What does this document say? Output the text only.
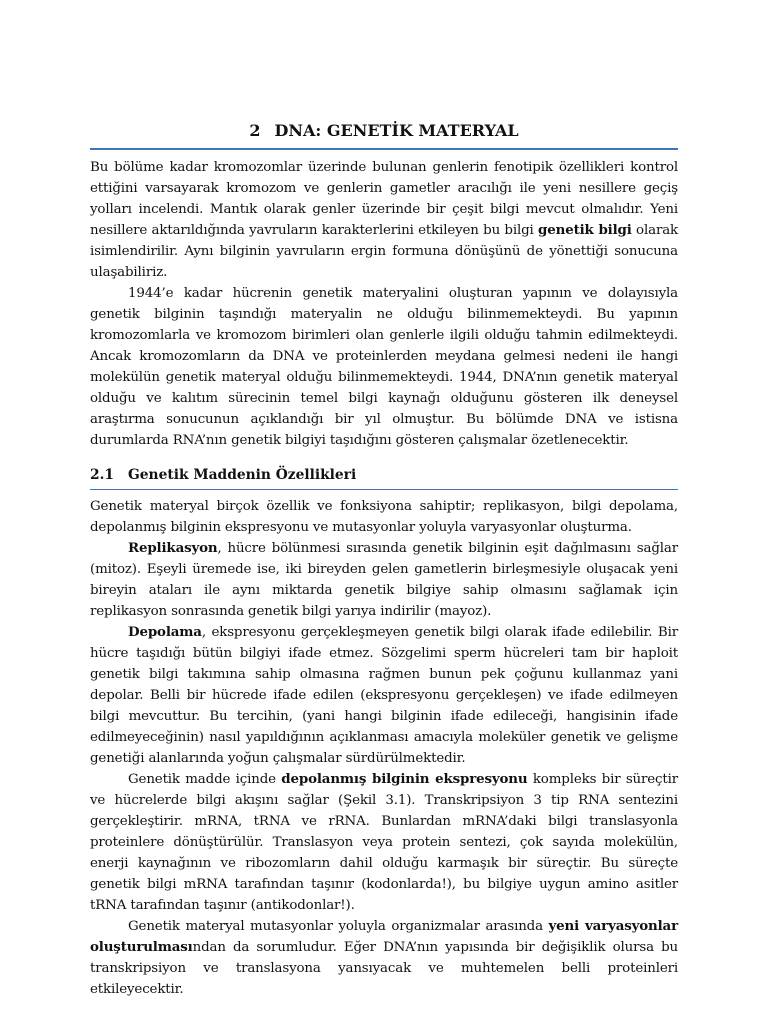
2 DNA: GENETİK MATERYAL

Bu bölüme kadar kromozomlar üzerinde bulunan genlerin fenotipik özellikleri kontrol ettiğini varsayarak kromozom ve genlerin gametler aracılığı ile yeni nesillere geçiş yolları incelendi. Mantık olarak genler üzerinde bir çeşit bilgi mevcut olmalıdır. Yeni nesillere aktarıldığında yavruların karakterlerini etkileyen bu bilgi genetik bilgi olarak isimlendirilir. Aynı bilginin yavruların ergin formuna dönüşünü de yönettiği sonucuna ulaşabiliriz.

1944’e kadar hücrenin genetik materyalini oluşturan yapının ve dolayısıyla genetik bilginin taşındığı materyalin ne olduğu bilinmemekteydi. Bu yapının kromozomlarla ve kromozom birimleri olan genlerle ilgili olduğu tahmin edilmekteydi. Ancak kromozomların da DNA ve proteinlerden meydana gelmesi nedeni ile hangi molekülün genetik materyal olduğu bilinmemekteydi. 1944, DNA’nın genetik materyal olduğu ve kalıtım sürecinin temel bilgi kaynağı olduğunu gösteren ilk deneysel araştırma sonucunun açıklandığı bir yıl olmuştur. Bu bölümde DNA ve istisna durumlarda RNA’nın genetik bilgiyi taşıdığını gösteren çalışmalar özetlenecektir.

2.1 Genetik Maddenin Özellikleri

Genetik materyal birçok özellik ve fonksiyona sahiptir; replikasyon, bilgi depolama, depolanmış bilginin ekspresyonu ve mutasyonlar yoluyla varyasyonlar oluşturma.

Replikasyon, hücre bölünmesi sırasında genetik bilginin eşit dağılmasını sağlar (mitoz). Eşeyli üremede ise, iki bireyden gelen gametlerin birleşmesiyle oluşacak yeni bireyin ataları ile aynı miktarda genetik bilgiye sahip olmasını sağlamak için replikasyon sonrasında genetik bilgi yarıya indirilir (mayoz).

Depolama, ekspresyonu gerçekleşmeyen genetik bilgi olarak ifade edilebilir. Bir hücre taşıdığı bütün bilgiyi ifade etmez. Sözgelimi sperm hücreleri tam bir haploit genetik bilgi takımına sahip olmasına rağmen bunun pek çoğunu kullanmaz yani depolar. Belli bir hücrede ifade edilen (ekspresyonu gerçekleşen) ve ifade edilmeyen bilgi mevcuttur. Bu tercihin, (yani hangi bilginin ifade edileceği, hangisinin ifade edilmeyeceğinin) nasıl yapıldığının açıklanması amacıyla moleküler genetik ve gelişme genetiği alanlarında yoğun çalışmalar sürdürülmektedir.

Genetik madde içinde depolanmış bilginin ekspresyonu kompleks bir süreçtir ve hücrelerde bilgi akışını sağlar (Şekil 3.1). Transkripsiyon 3 tip RNA sentezini gerçekleştirir. mRNA, tRNA ve rRNA. Bunlardan mRNA’daki bilgi translasyonla proteinlere dönüştürülür. Translasyon veya protein sentezi, çok sayıda molekülün, enerji kaynağının ve ribozomların dahil olduğu karmaşık bir süreçtir. Bu süreçte genetik bilgi mRNA tarafından taşınır (kodonlarda!), bu bilgiye uygun amino asitler tRNA tarafından taşınır (antikodonlar!).

Genetik materyal mutasyonlar yoluyla organizmalar arasında yeni varyasyonlar oluşturulmasından da sorumludur. Eğer DNA’nın yapısında bir değişiklik olursa bu transkripsiyon ve translasyona yansıyacak ve muhtemelen belli proteinleri etkileyecektir.
